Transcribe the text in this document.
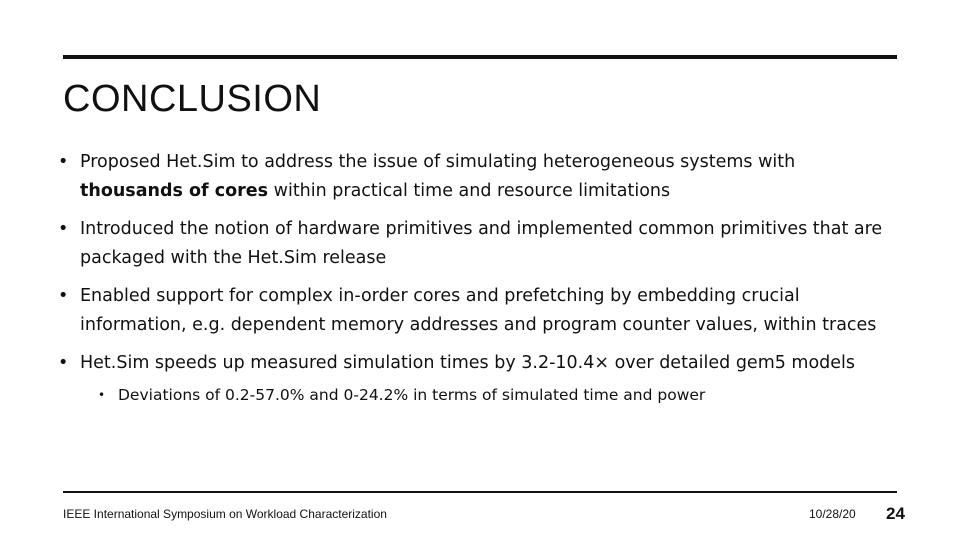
CONCLUSION
• Proposed Het.Sim to address the issue of simulating heterogeneous systems with thousands of cores within practical time and resource limitations
• Introduced the notion of hardware primitives and implemented common primitives that are packaged with the Het.Sim release
• Enabled support for complex in-order cores and prefetching by embedding crucial information, e.g. dependent memory addresses and program counter values, within traces
• Het.Sim speeds up measured simulation times by 3.2-10.4× over detailed gem5 models
• Deviations of 0.2-57.0% and 0-24.2% in terms of simulated time and power
IEEE International Symposium on Workload Characterization	10/28/20 24
